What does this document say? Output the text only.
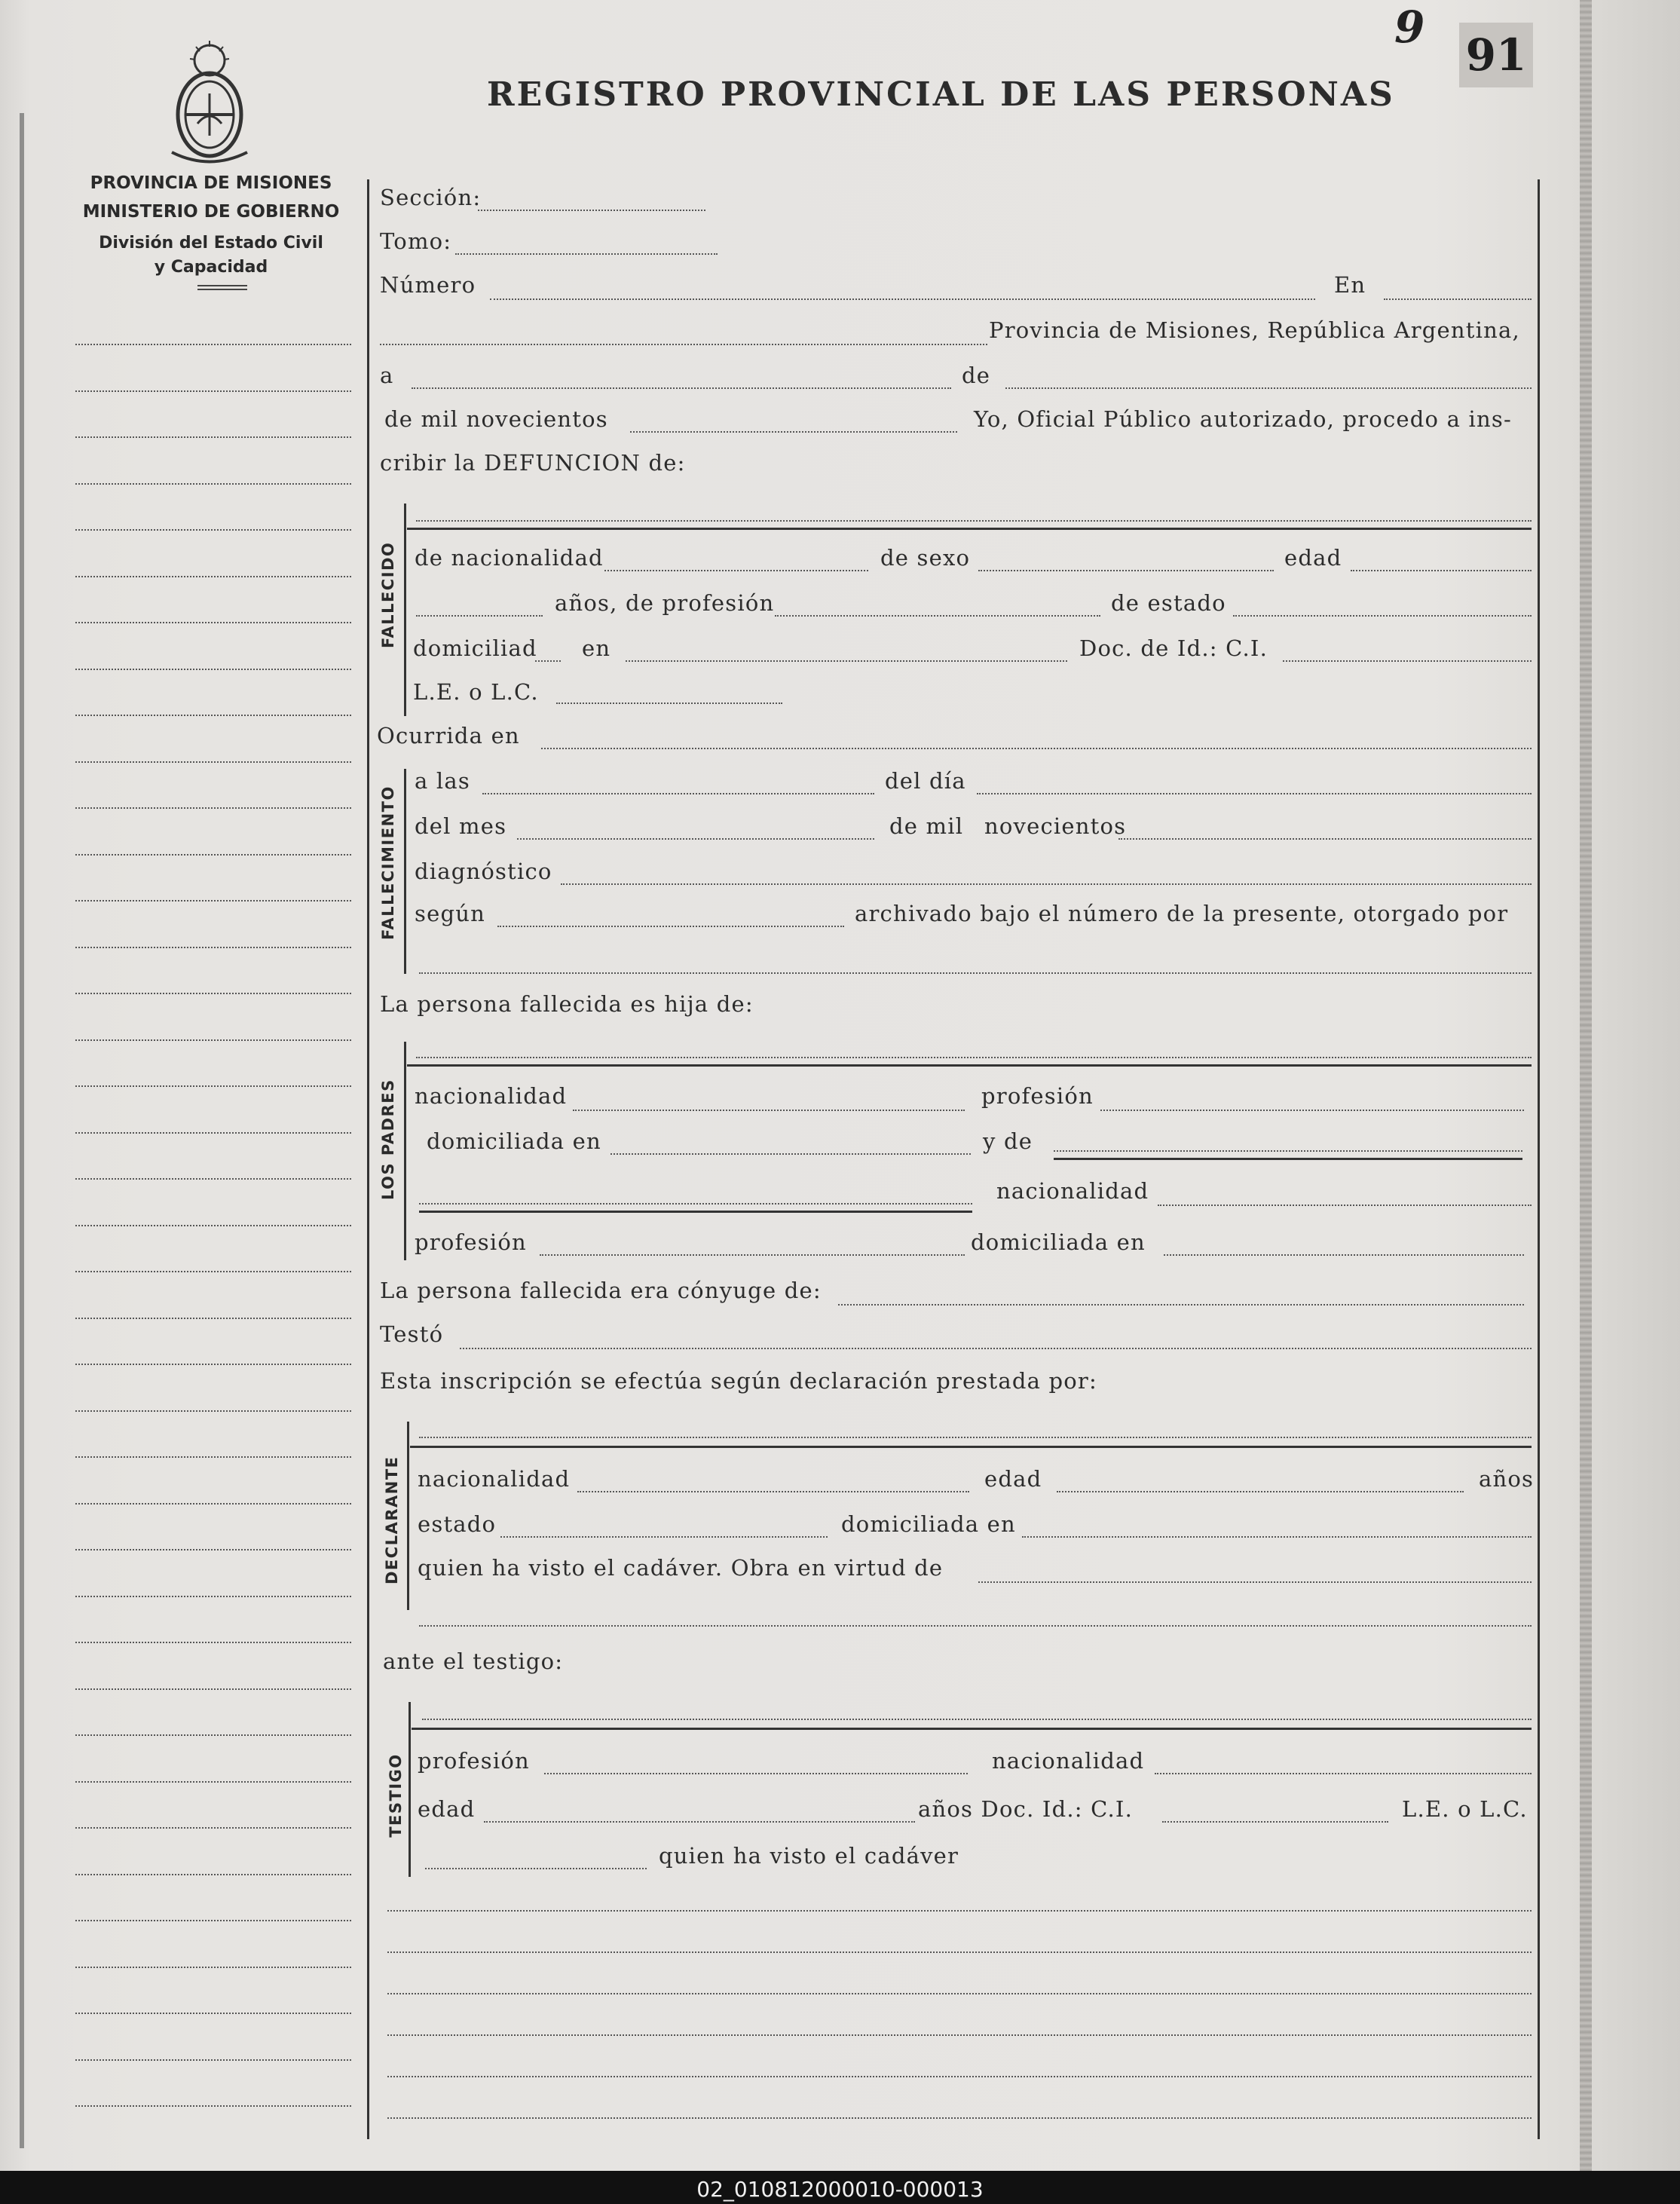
PROVINCIA DE MISIONES
MINISTERIO DE GOBIERNO
División del Estado Civil
y Capacidad
REGISTRO PROVINCIAL DE LAS PERSONAS
9
91
Sección:
Tomo:
Número	En
Provincia de Misiones, República Argentina,
a	de
de mil novecientos	Yo, Oficial Público autorizado, procedo a ins-
cribir la DEFUNCION de:
FALLECIDO de nacionalidad	de sexo	edad
años, de profesión	de estado
domiciliad en	Doc. de Id.: C.I.
L.E. o L.C.
Ocurrida en
FALLECIMIENTO
a las	del día
del mes	de mil novecientos
diagnóstico
según	archivado bajo el número de la presente, otorgado por
La persona fallecida es hija de:
LOS PADRES nacionalidad	profesión
domiciliada en	y de
nacionalidad
profesión	domiciliada en
La persona fallecida era cónyuge de:
Testó
Esta inscripción se efectúa según declaración prestada por:
DECLARANTE nacionalidad	edad	años
estado	domiciliada en
quien ha visto el cadáver. Obra en virtud de
ante el testigo:
TESTIGO profesión	nacionalidad
edad	años Doc. Id.: C.I.	L.E. o L.C.
quien ha visto el cadáver
02_010812000010-000013
